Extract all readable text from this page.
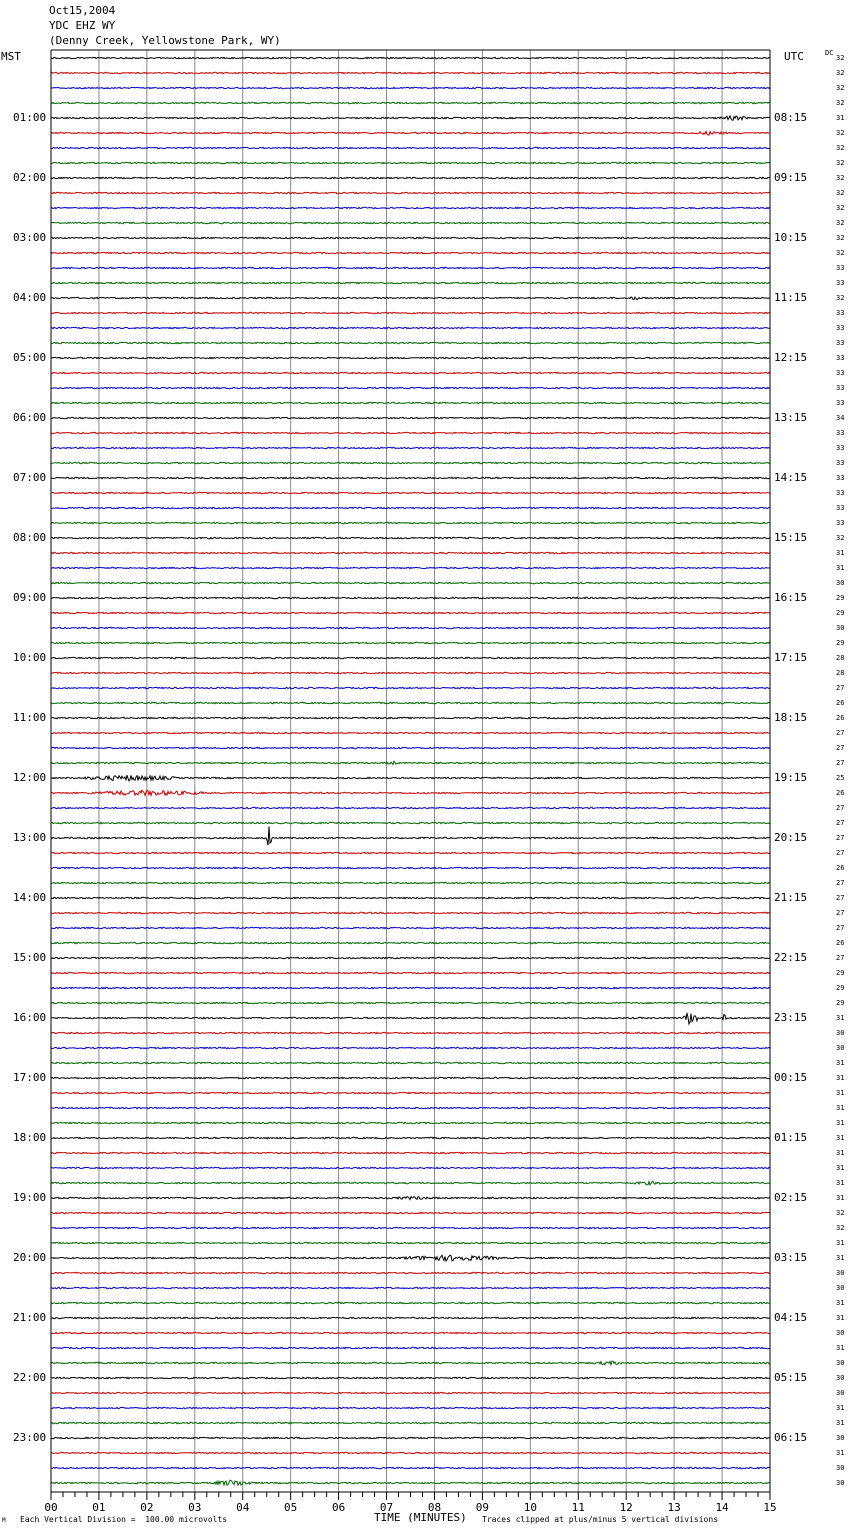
00	01	02	03	04	05	06	07	08	09	10	11	12	13	14	15
Oct15,2004
YDC EHZ WY
(Denny Creek, Yellowstone Park, WY)
MST	UTC	DC
01:00
02:00
03:00
04:00
05:00
06:00
07:00
08:00
09:00
10:00
11:00
12:00
13:00
14:00
15:00
16:00
17:00
18:00
19:00
20:00
21:00
22:00
23:00
08:15
09:15
10:15
11:15
12:15
13:15
14:15
15:15
16:15
17:15
18:15
19:15
20:15
21:15
22:15
23:15
00:15
01:15
02:15
03:15
04:15
05:15
06:15
32
32
32
32
31
32
32
32
32
32
32
32
32
32
33
33
32
33
33
33
33
33
33
33
34
33
33
33
33
33
33
33
32
31
31
30
29
29
30
29
28
28
27
26
26
27
27
27
25
26
27
27
27
27
26
27
27
27
27
26
27
29
29
29
31
30
30
31
31
31
31
31
31
31
31
31
31
32
32
31
31
30
30
31
31
30
31
30
30
30
31
31
30
31
30
30
TIME (MINUTES)
Each Vertical Division =  100.00 microvolts	Traces clipped at plus/minus 5 vertical divisions
M
